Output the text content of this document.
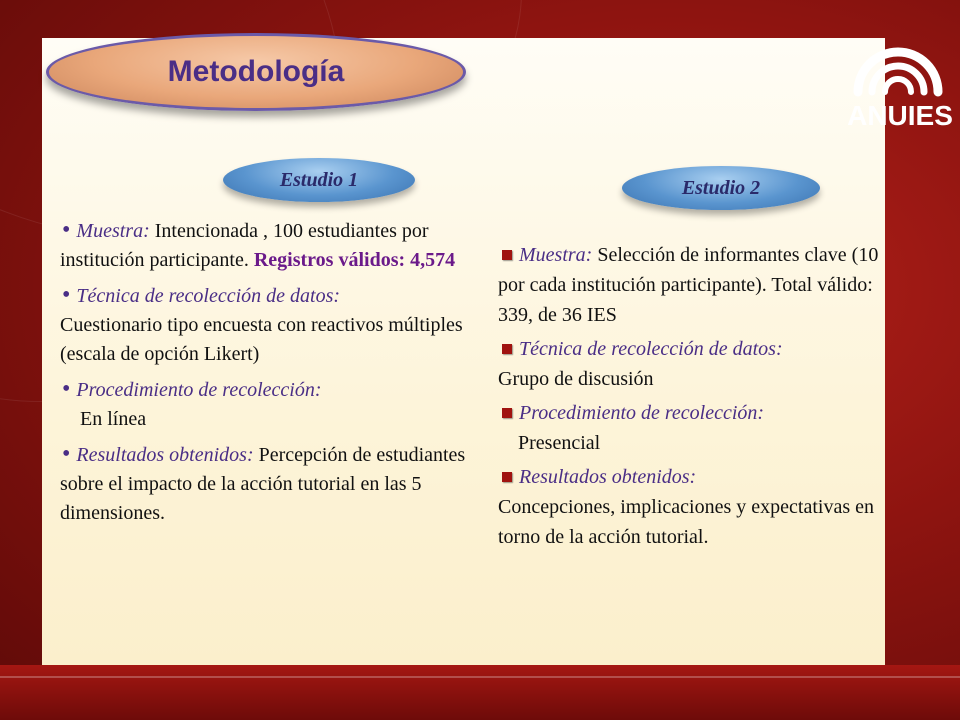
ANUIES
Metodología
Estudio 1	Estudio 2
• Muestra: Intencionada , 100 estudiantes por institución participante. Registros válidos: 4,574
• Técnica de recolección de datos:
Cuestionario tipo encuesta con reactivos múltiples
(escala de opción Likert)
• Procedimiento de recolección:
En línea
• Resultados obtenidos: Percepción de estudiantes sobre el impacto de la acción tutorial en las 5 dimensiones.
Muestra: Selección de informantes clave (10 por cada institución participante). Total válido: 339, de 36 IES
Técnica de recolección de datos:
Grupo de discusión
Procedimiento de recolección:
Presencial
Resultados obtenidos:
Concepciones, implicaciones y expectativas en torno de la acción tutorial.
